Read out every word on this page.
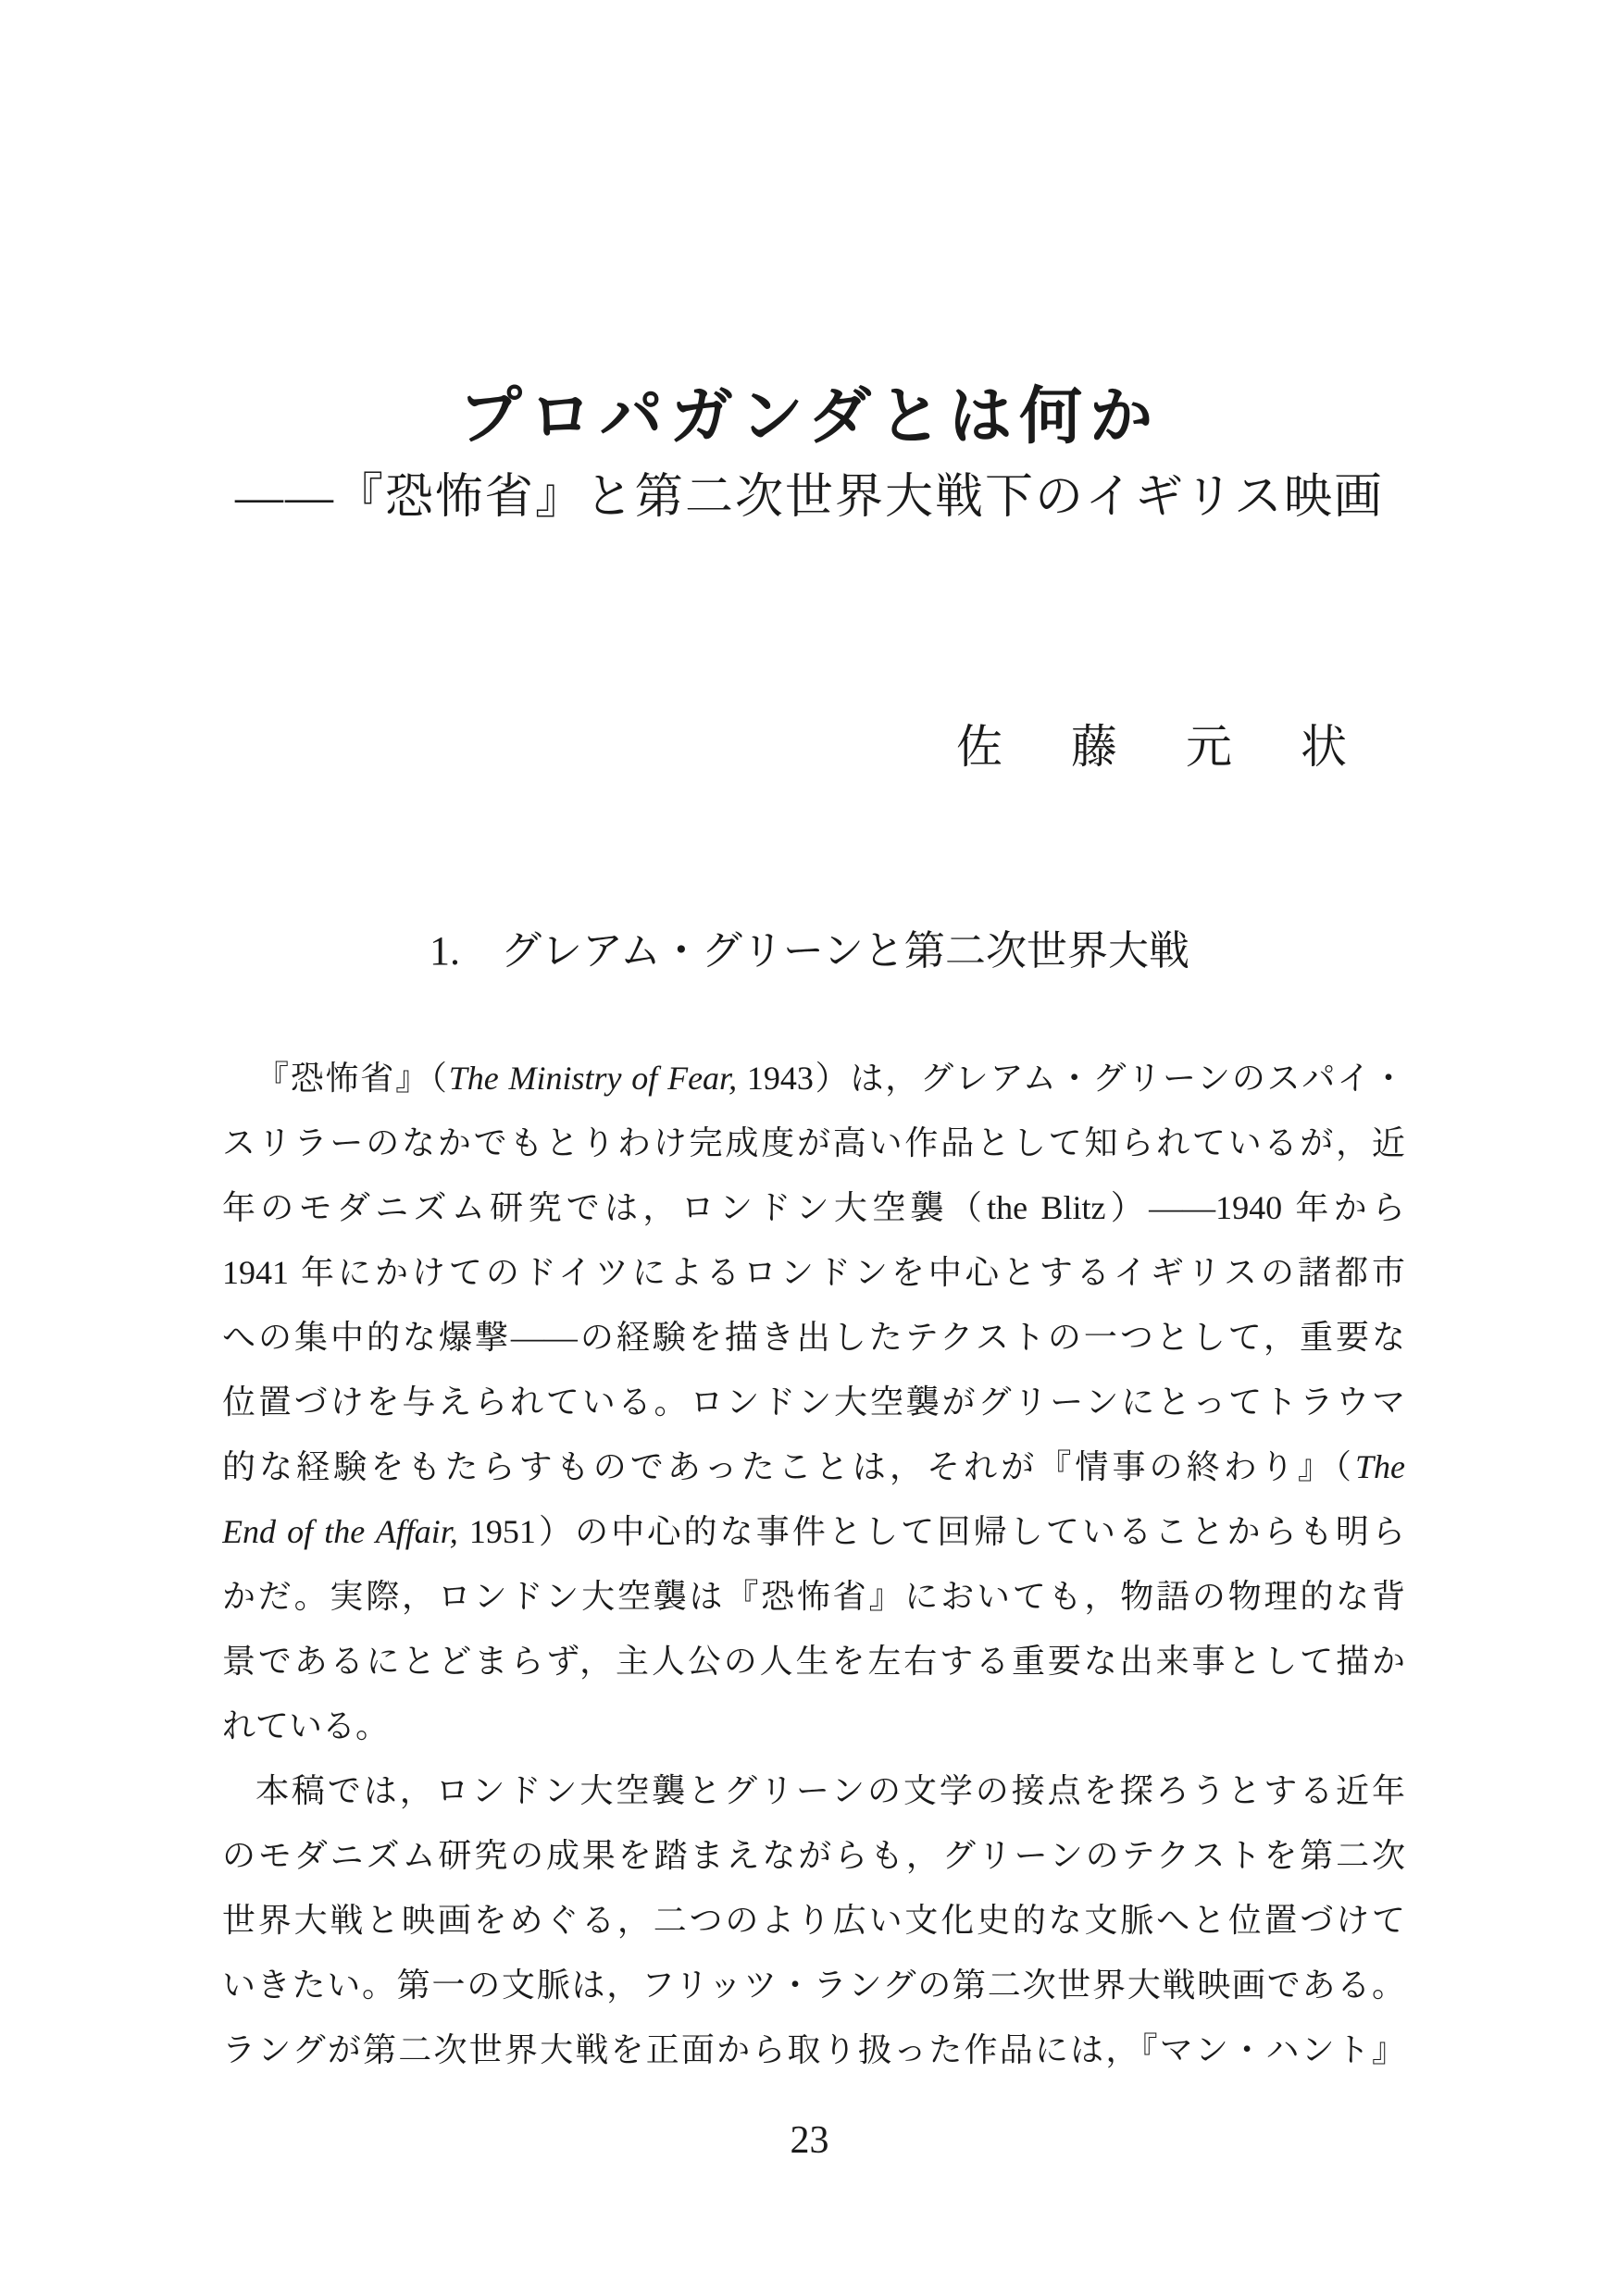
プロパガンダとは何か
——『恐怖省』と第二次世界大戦下のイギリス映画
佐　藤　元　状
1.　グレアム・グリーンと第二次世界大戦
『恐怖省』（The Ministry of Fear, 1943）は，グレアム・グリーンのスパイ・
スリラーのなかでもとりわけ完成度が高い作品として知られているが，近
年のモダニズム研究では，ロンドン大空襲（the Blitz）——1940 年から
1941 年にかけてのドイツによるロンドンを中心とするイギリスの諸都市
への集中的な爆撃——の経験を描き出したテクストの一つとして，重要な
位置づけを与えられている。ロンドン大空襲がグリーンにとってトラウマ
的な経験をもたらすものであったことは，それが『情事の終わり』（The
End of the Affair, 1951）の中心的な事件として回帰していることからも明ら
かだ。実際，ロンドン大空襲は『恐怖省』においても，物語の物理的な背
景であるにとどまらず，主人公の人生を左右する重要な出来事として描か
れている。
本稿では，ロンドン大空襲とグリーンの文学の接点を探ろうとする近年
のモダニズム研究の成果を踏まえながらも，グリーンのテクストを第二次
世界大戦と映画をめぐる，二つのより広い文化史的な文脈へと位置づけて
いきたい。第一の文脈は，フリッツ・ラングの第二次世界大戦映画である。
ラングが第二次世界大戦を正面から取り扱った作品には，『マン・ハント』
23
